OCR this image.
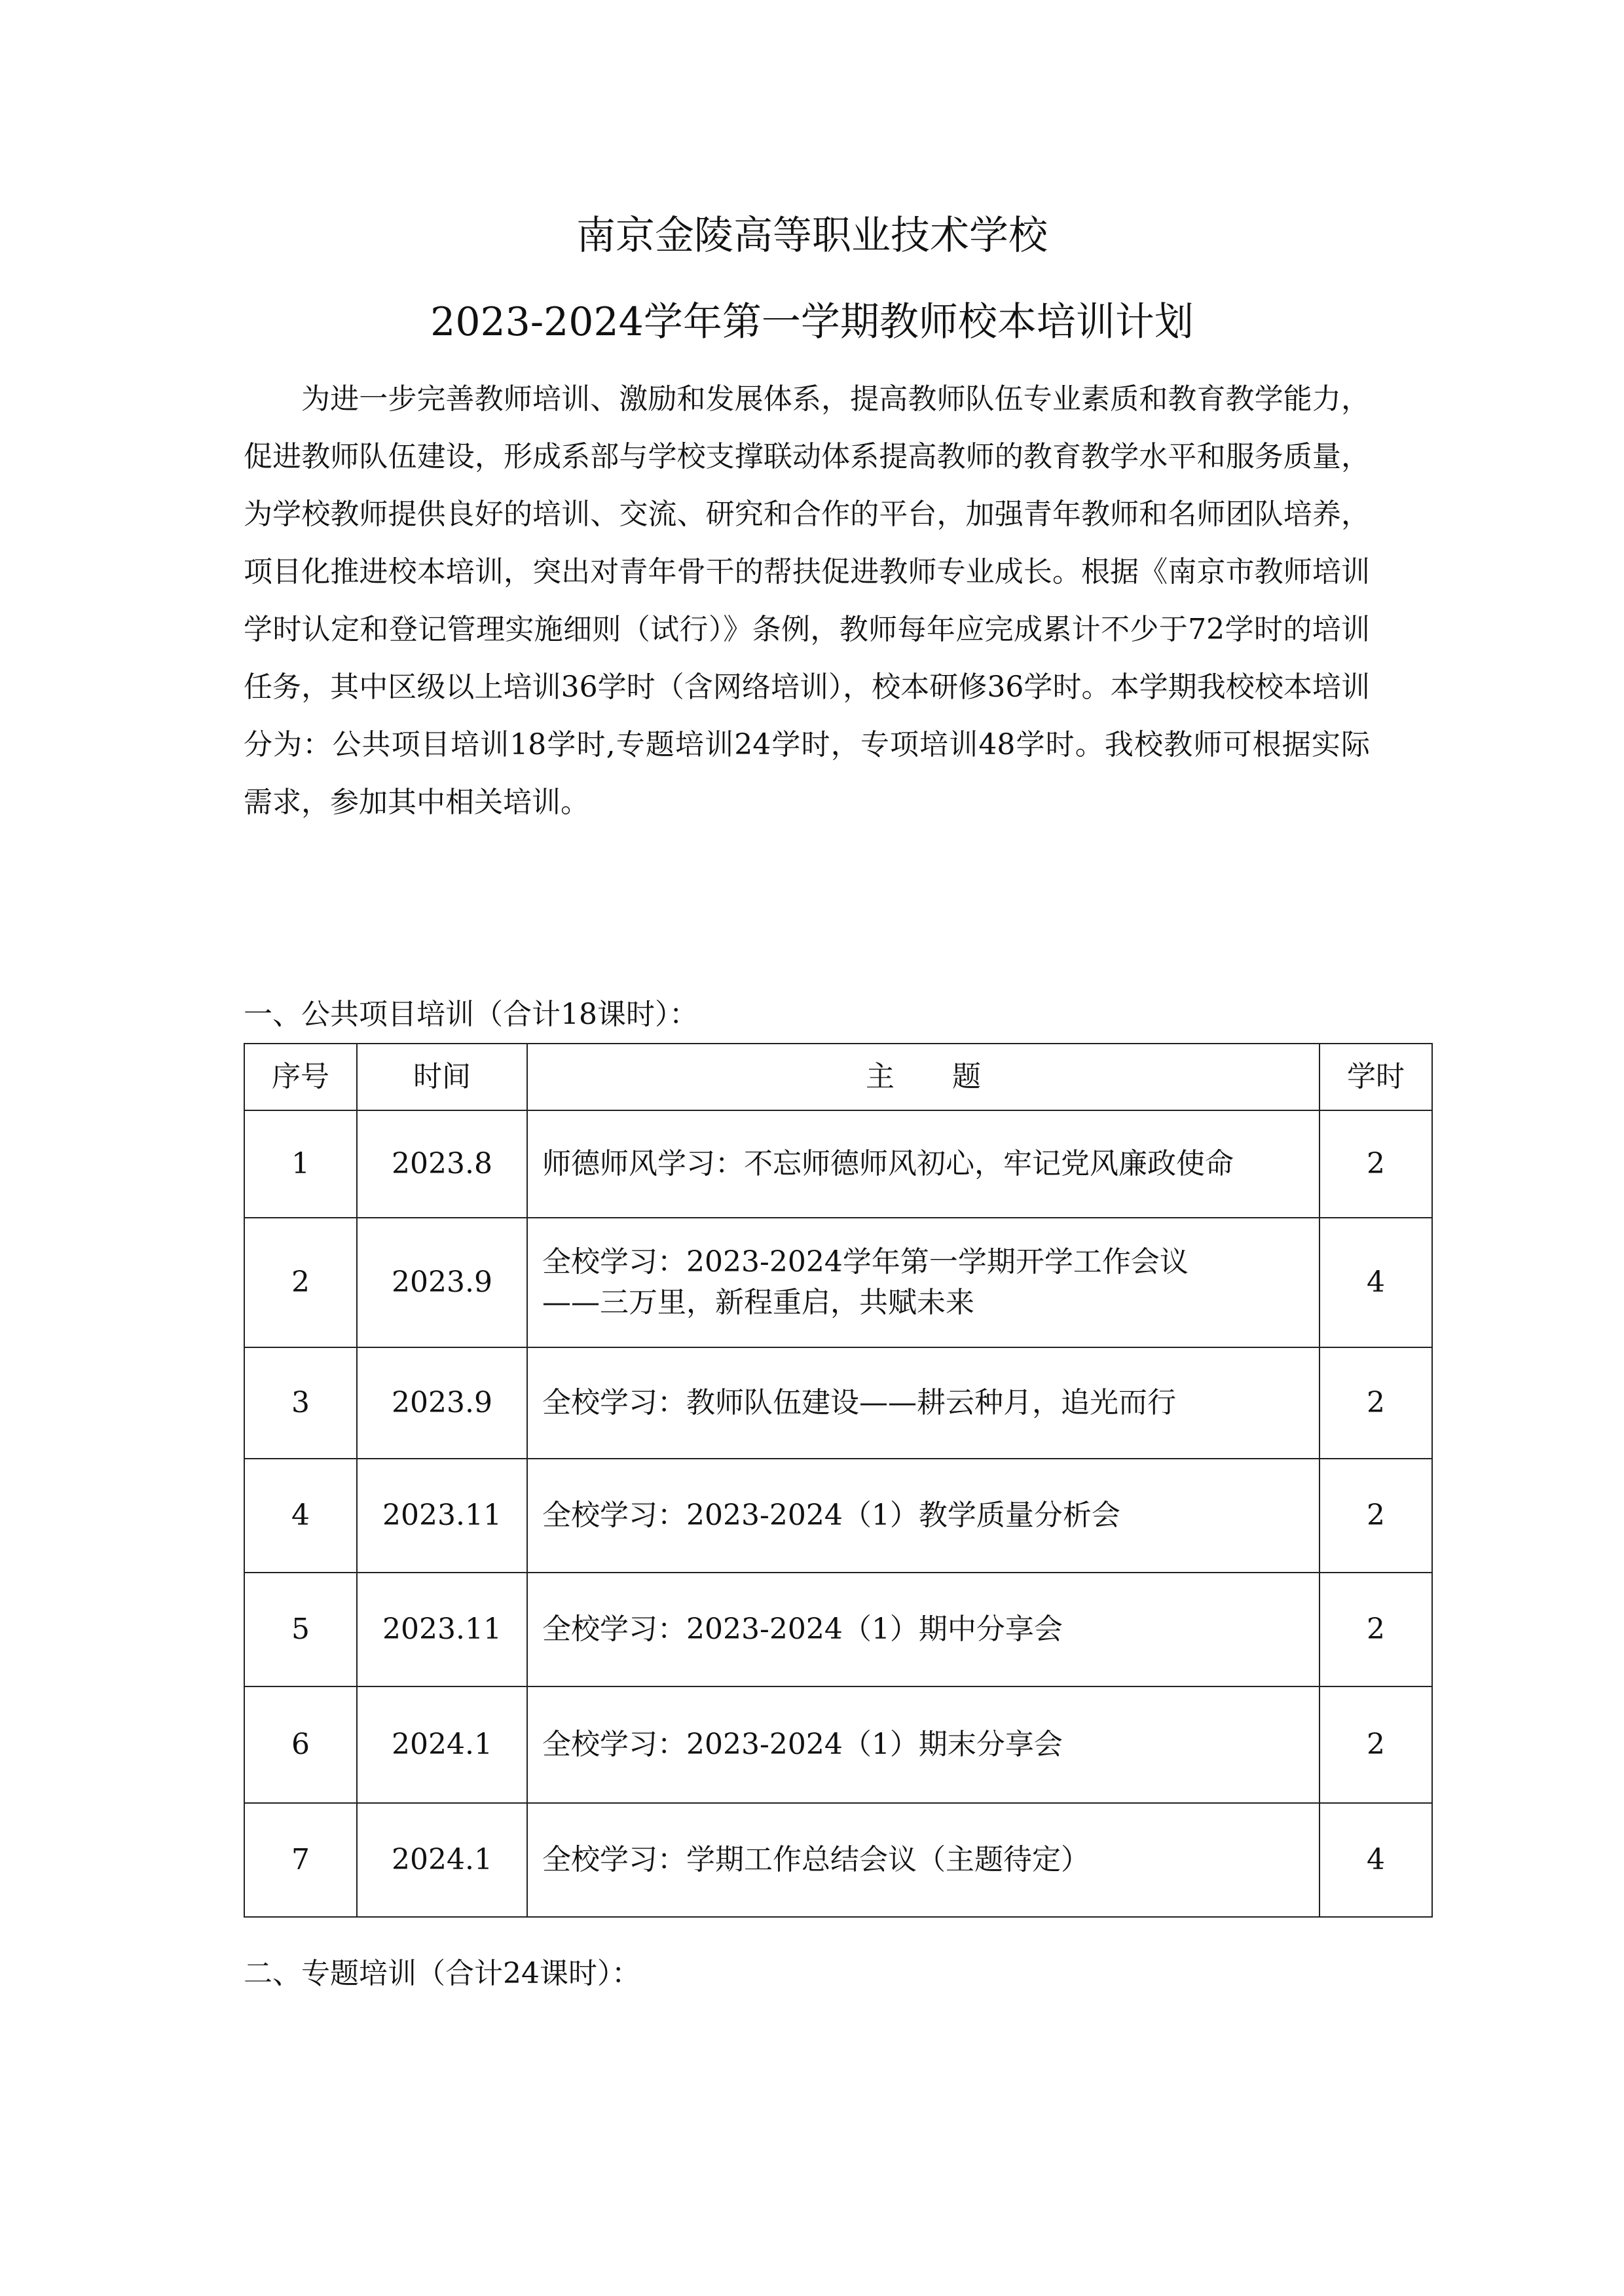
南京金陵高等职业技术学校
2023-2024学年第一学期教师校本培训计划

为进一步完善教师培训、激励和发展体系，提高教师队伍专业素质和教育教学能力，促进教师队伍建设，形成系部与学校支撑联动体系提高教师的教育教学水平和服务质量，为学校教师提供良好的培训、交流、研究和合作的平台，加强青年教师和名师团队培养，项目化推进校本培训，突出对青年骨干的帮扶促进教师专业成长。根据《南京市教师培训学时认定和登记管理实施细则（试行）》条例，教师每年应完成累计不少于72学时的培训任务，其中区级以上培训36学时（含网络培训），校本研修36学时。本学期我校校本培训分为：公共项目培训18学时,专题培训24学时，专项培训48学时。我校教师可根据实际需求，参加其中相关培训。

一、公共项目培训（合计18课时）：
序号	时间	主　　题	学时
1	2023.8	师德师风学习：不忘师德师风初心，牢记党风廉政使命	2
2	2023.9	全校学习：2023-2024学年第一学期开学工作会议
——三万里，新程重启，共赋未来	4
3	2023.9	全校学习：教师队伍建设——耕云种月，追光而行	2
4	2023.11	全校学习：2023-2024（1）教学质量分析会	2
5	2023.11	全校学习：2023-2024（1）期中分享会	2
6	2024.1	全校学习：2023-2024（1）期末分享会	2
7	2024.1	全校学习：学期工作总结会议（主题待定）	4
二、专题培训（合计24课时）：
